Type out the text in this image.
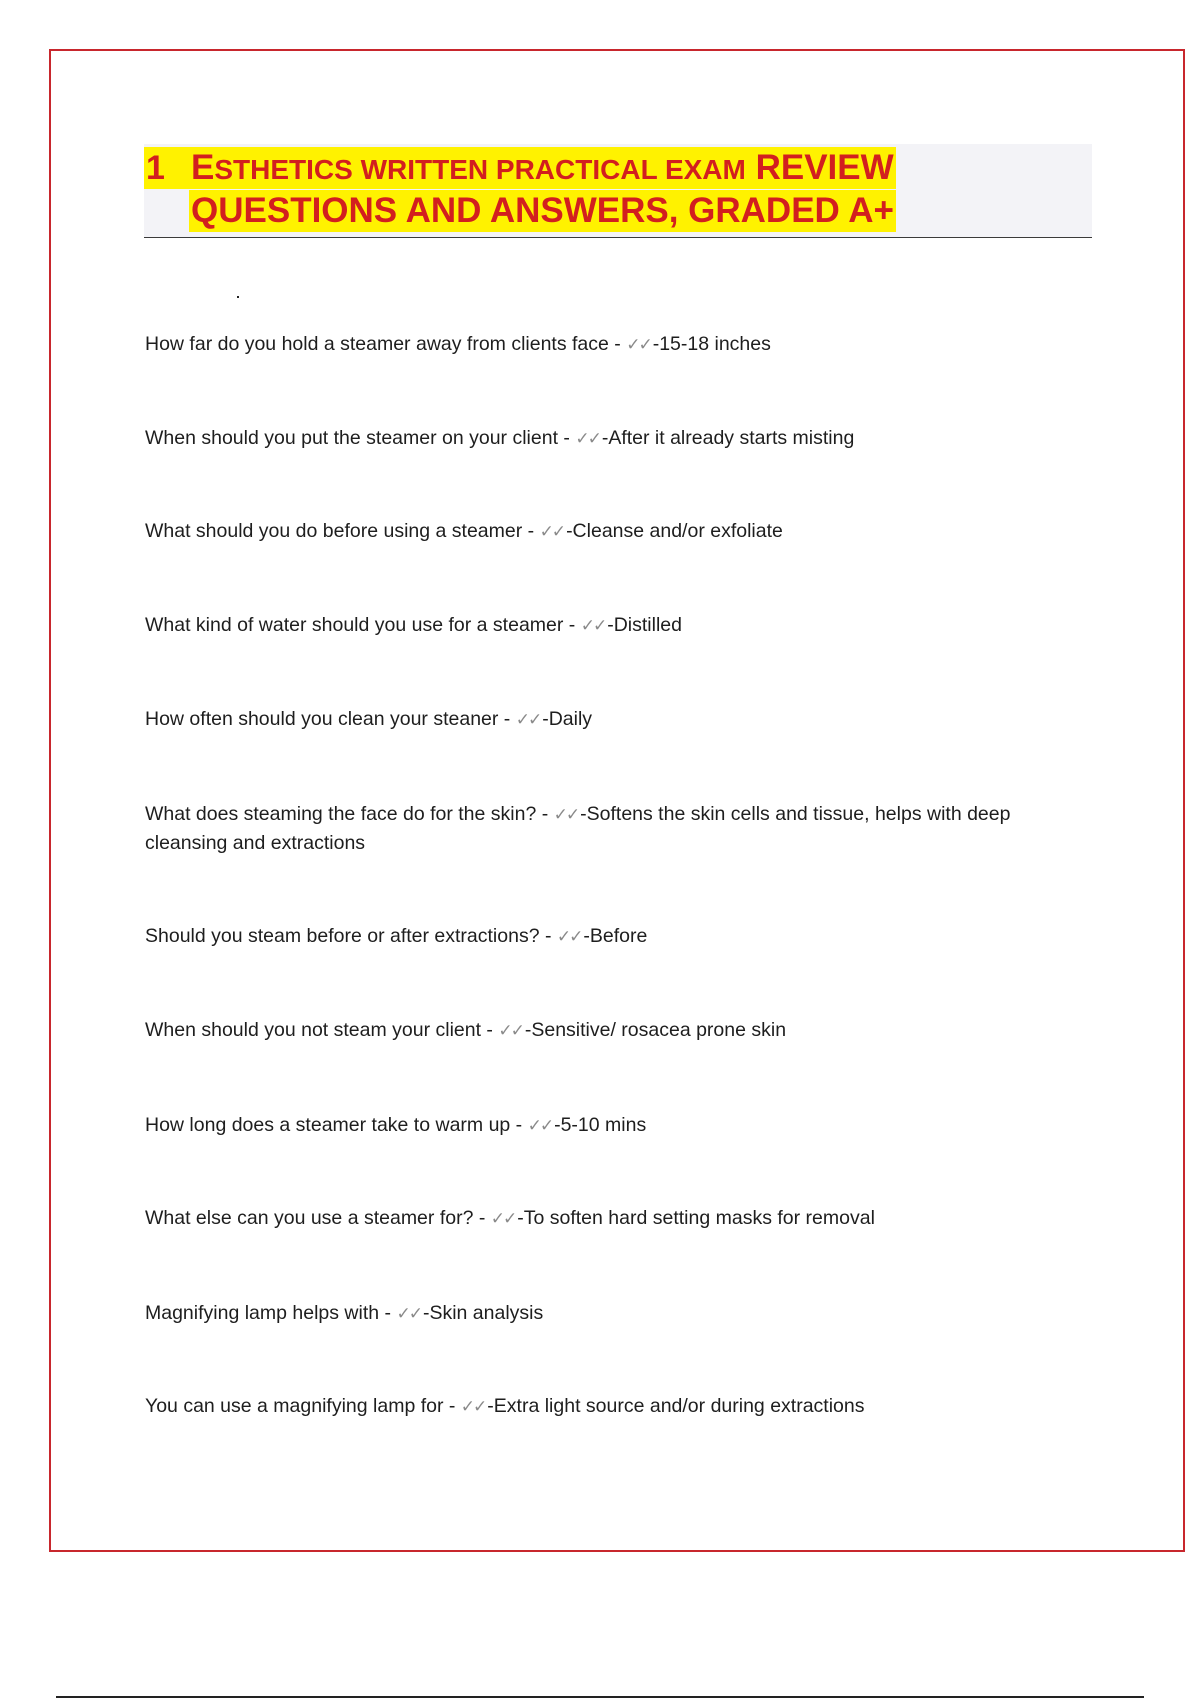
1 ESTHETICS WRITTEN PRACTICAL EXAM REVIEW
QUESTIONS AND ANSWERS, GRADED A+

How far do you hold a steamer away from clients face - ✓✓ -15-18 inches

When should you put the steamer on your client - ✓✓ -After it already starts misting

What should you do before using a steamer - ✓✓ -Cleanse and/or exfoliate

What kind of water should you use for a steamer - ✓✓ -Distilled

How often should you clean your steaner - ✓✓ -Daily

What does steaming the face do for the skin? - ✓✓ -Softens the skin cells and tissue, helps with deep cleansing and extractions

Should you steam before or after extractions? - ✓✓ -Before

When should you not steam your client - ✓✓ -Sensitive/ rosacea prone skin

How long does a steamer take to warm up - ✓✓ -5-10 mins

What else can you use a steamer for? - ✓✓ -To soften hard setting masks for removal

Magnifying lamp helps with - ✓✓ -Skin analysis

You can use a magnifying lamp for - ✓✓ -Extra light source and/or during extractions
